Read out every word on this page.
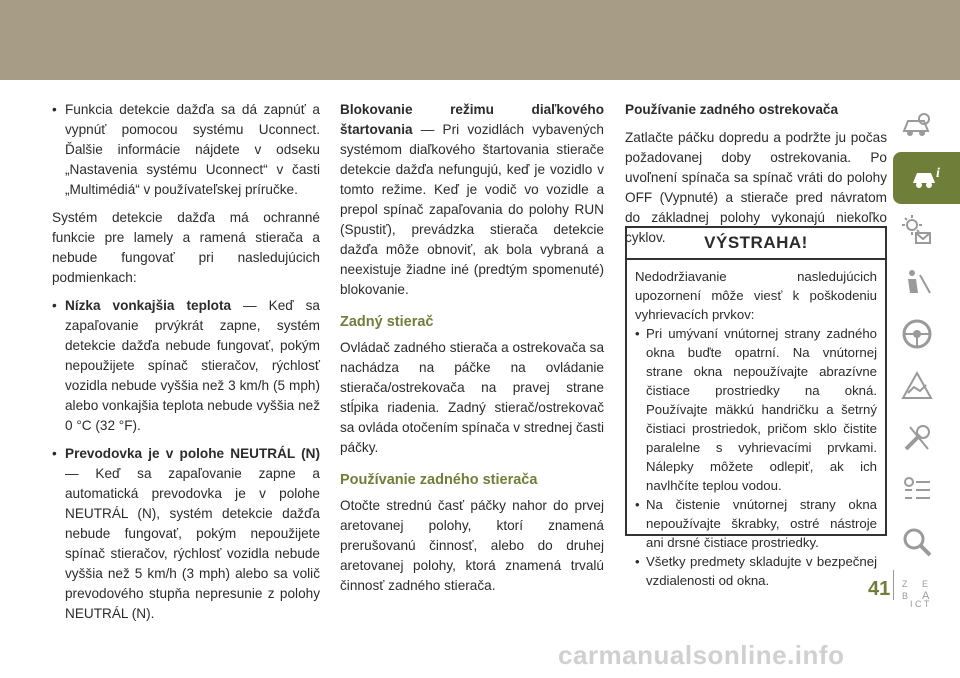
• Funkcia detekcie dažďa sa dá zapnúť a vypnúť pomocou systému Uconnect. Ďalšie informácie nájdete v odseku „Nastavenia systému Uconnect“ v časti „Multimédiá“ v používateľskej príručke.

Systém detekcie dažďa má ochranné funkcie pre lamely a ramená stierača a nebude fungovať pri nasledujúcich podmienkach:

• Nízka vonkajšia teplota — Keď sa zapaľovanie prvýkrát zapne, systém detekcie dažďa nebude fungovať, pokým nepoužijete spínač stieračov, rýchlosť vozidla nebude vyššia než 3 km/h (5 mph) alebo vonkajšia teplota nebude vyššia než 0 °C (32 °F).
• Prevodovka je v polohe NEUTRÁL (N) — Keď sa zapaľovanie zapne a automatická prevodovka je v polohe NEUTRÁL (N), systém detekcie dažďa nebude fungovať, pokým nepoužijete spínač stieračov, rýchlosť vozidla nebude vyššia než 5 km/h (3 mph) alebo sa volič prevodového stupňa nepresunie z polohy NEUTRÁL (N).

Blokovanie režimu diaľkového štartovania — Pri vozidlách vybavených systémom diaľkového štartovania stierače detekcie dažďa nefungujú, keď je vozidlo v tomto režime. Keď je vodič vo vozidle a prepol spínač zapaľovania do polohy RUN (Spustiť), prevádzka stierača detekcie dažďa môže obnoviť, ak bola vybraná a neexistuje žiadne iné (predtým spomenuté) blokovanie.

Zadný stierač

Ovládač zadného stierača a ostrekovača sa nachádza na páčke na ovládanie stierača/ostrekovača na pravej strane stĺpika riadenia. Zadný stierač/ostrekovač sa ovláda otočením spínača v strednej časti páčky.

Používanie zadného stierača

Otočte strednú časť páčky nahor do prvej aretovanej polohy, ktorí znamená prerušovanú činnosť, alebo do druhej aretovanej polohy, ktorá znamená trvalú činnosť zadného stierača.

Používanie zadného ostrekovača

Zatlačte páčku dopredu a podržte ju počas požadovanej doby ostrekovania. Po uvoľnení spínača sa spínač vráti do polohy OFF (Vypnuté) a stierače pred návratom do základnej polohy vykonajú niekoľko cyklov.	VÝSTRAHA!

Nedodržiavanie nasledujúcich upozornení môže viesť k poškodeniu vyhrievacích prvkov:

• Pri umývaní vnútornej strany zadného okna buďte opatrní. Na vnútornej strane okna nepoužívajte abrazívne čistiace prostriedky na okná. Používajte mäkkú handričku a šetrný čistiaci prostriedok, pričom sklo čistite paralelne s vyhrievacími prvkami. Nálepky môžete odlepiť, ak ich navlhčíte teplou vodou.
• Na čistenie vnútornej strany okna nepoužívajte škrabky, ostré nástroje ani drsné čistiace prostriedky.
• Všetky predmety skladujte v bezpečnej vzdialenosti od okna.
i
Z E
B A
I C T
41
carmanualsonline.info
